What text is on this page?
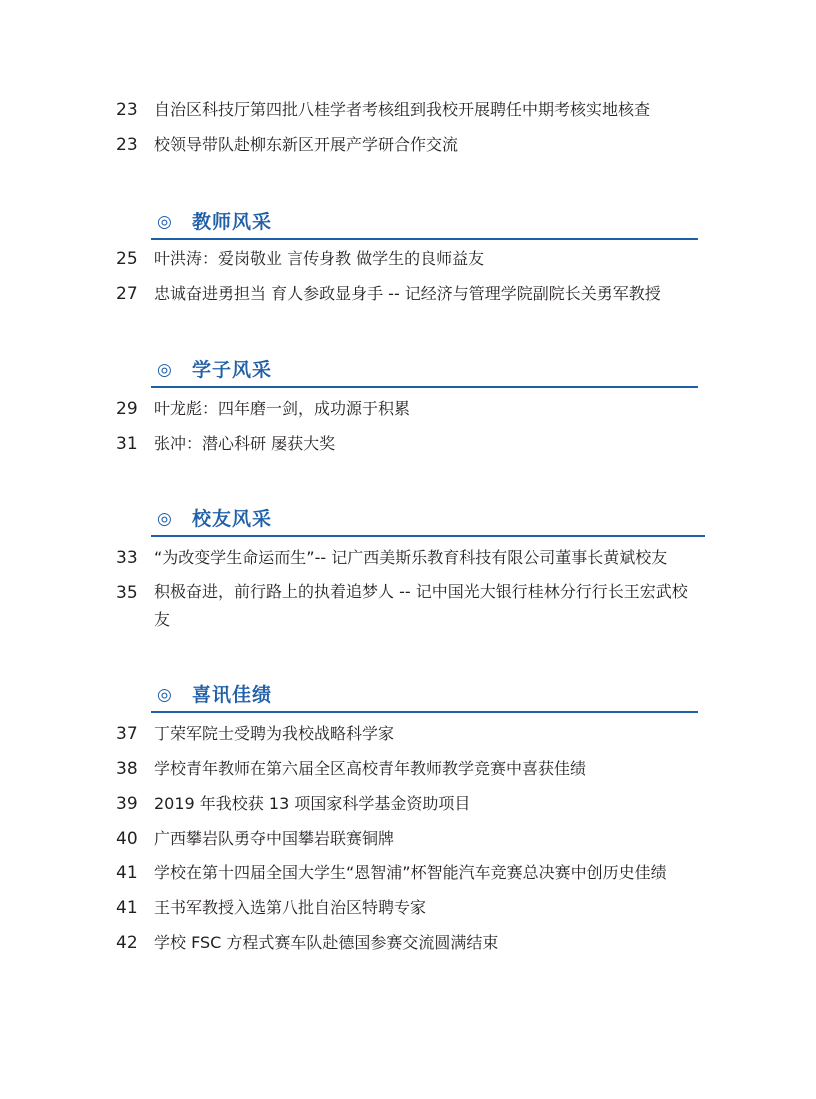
23	自治区科技厅第四批八桂学者考核组到我校开展聘任中期考核实地核查
23	校领导带队赴柳东新区开展产学研合作交流
◎ 教师风采
25	叶洪涛：爱岗敬业 言传身教 做学生的良师益友
27	忠诚奋进勇担当 育人参政显身手 -- 记经济与管理学院副院长关勇军教授
◎ 学子风采
29	叶龙彪：四年磨一剑，成功源于积累
31	张冲：潜心科研 屡获大奖
◎ 校友风采
33	“为改变学生命运而生”-- 记广西美斯乐教育科技有限公司董事长黄斌校友
35	积极奋进，前行路上的执着追梦人 -- 记中国光大银行桂林分行行长王宏武校友
◎ 喜讯佳绩
37	丁荣军院士受聘为我校战略科学家
38	学校青年教师在第六届全区高校青年教师教学竞赛中喜获佳绩
39	2019 年我校获 13 项国家科学基金资助项目
40	广西攀岩队勇夺中国攀岩联赛铜牌
41	学校在第十四届全国大学生“恩智浦”杯智能汽车竞赛总决赛中创历史佳绩
41	王书军教授入选第八批自治区特聘专家
42	学校 FSC 方程式赛车队赴德国参赛交流圆满结束
